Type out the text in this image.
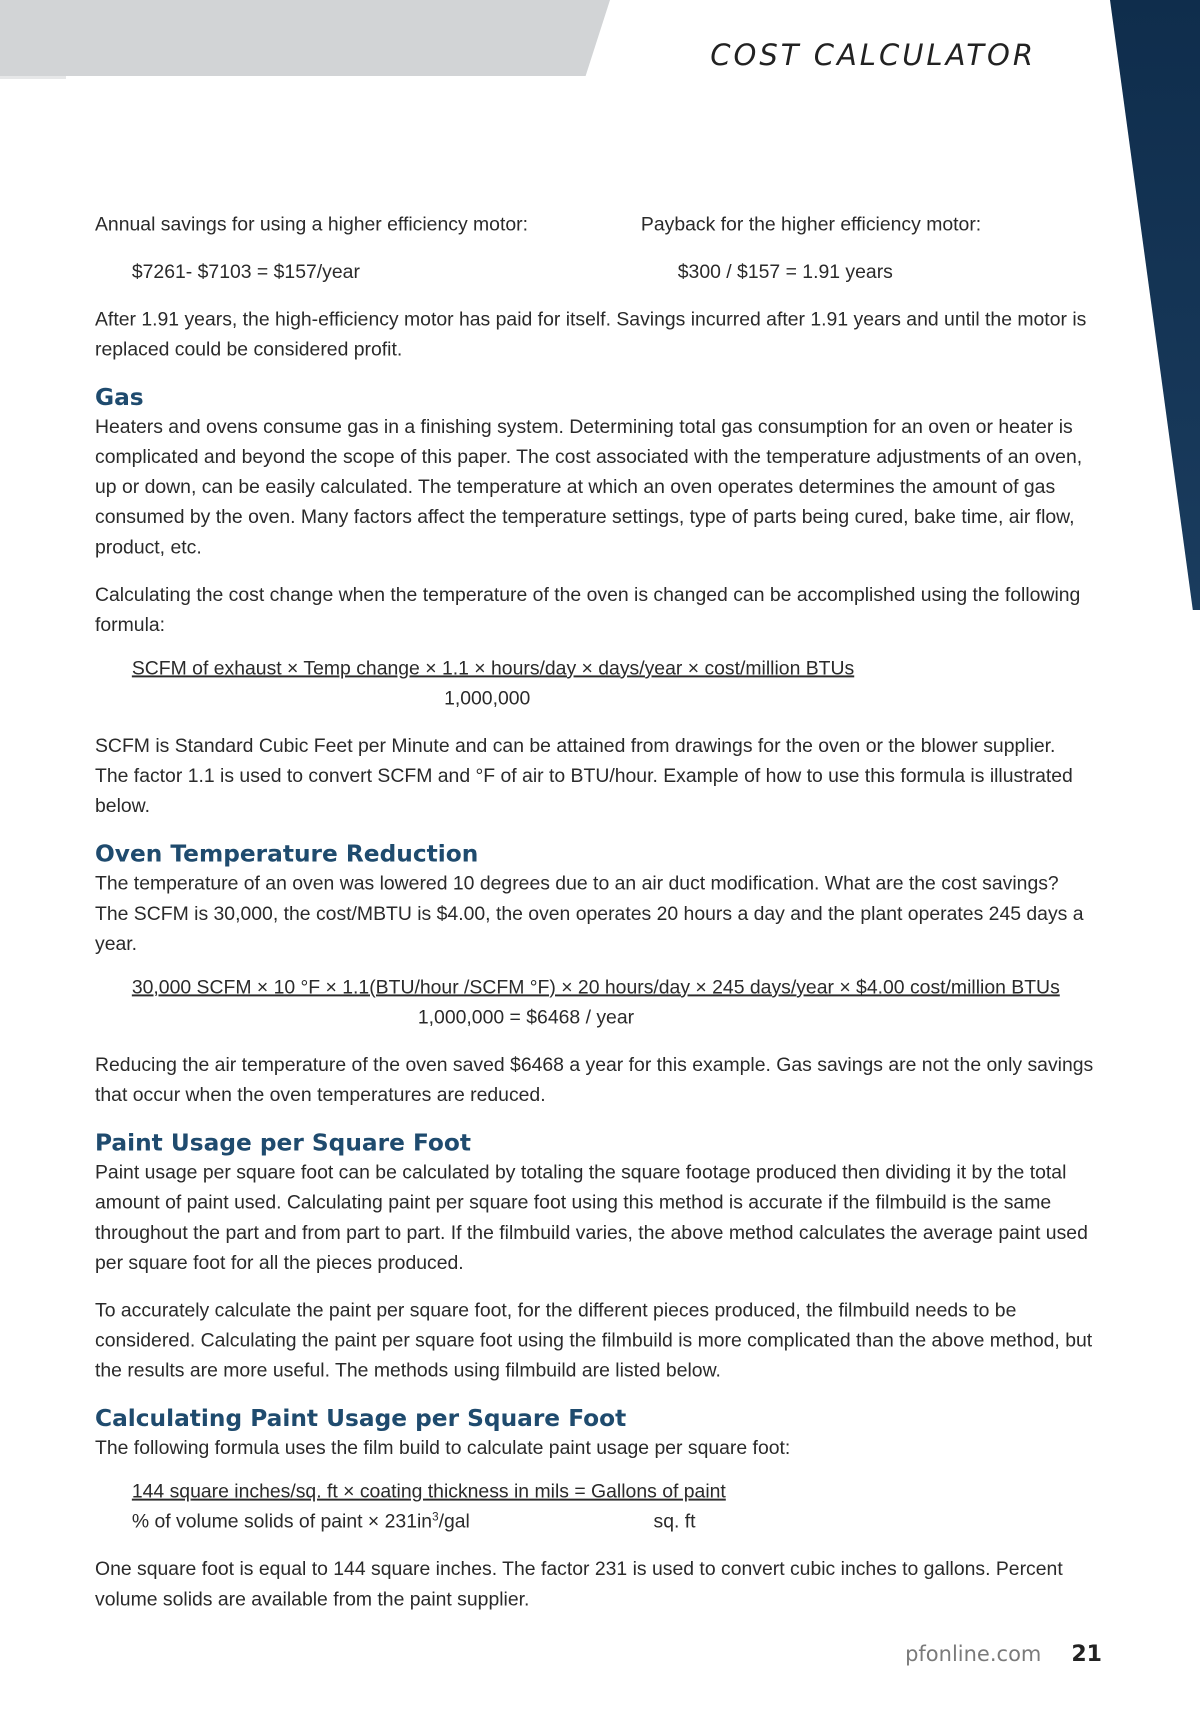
COST CALCULATOR
Annual savings for using a higher efficiency motor:	Payback for the higher efficiency motor:
$7261- $7103 = $157/year	$300 / $157 = 1.91 years

After 1.91 years, the high-efficiency motor has paid for itself. Savings incurred after 1.91 years and until the motor is replaced could be considered profit.

Gas

Heaters and ovens consume gas in a finishing system. Determining total gas consumption for an oven or heater is complicated and beyond the scope of this paper. The cost associated with the temperature adjustments of an oven, up or down, can be easily calculated. The temperature at which an oven operates determines the amount of gas consumed by the oven. Many factors affect the temperature settings, type of parts being cured, bake time, air flow, product, etc.

Calculating the cost change when the temperature of the oven is changed can be accomplished using the following formula:

SCFM of exhaust × Temp change × 1.1 × hours/day × days/year × cost/million BTUs
1,000,000

SCFM is Standard Cubic Feet per Minute and can be attained from drawings for the oven or the blower supplier. The factor 1.1 is used to convert SCFM and °F of air to BTU/hour. Example of how to use this formula is illustrated below.

Oven Temperature Reduction

The temperature of an oven was lowered 10 degrees due to an air duct modification. What are the cost savings? The SCFM is 30,000, the cost/MBTU is $4.00, the oven operates 20 hours a day and the plant operates 245 days a year.

30,000 SCFM × 10 °F × 1.1(BTU/hour /SCFM °F) × 20 hours/day × 245 days/year × $4.00 cost/million BTUs
1,000,000 = $6468 / year

Reducing the air temperature of the oven saved $6468 a year for this example. Gas savings are not the only savings that occur when the oven temperatures are reduced.

Paint Usage per Square Foot

Paint usage per square foot can be calculated by totaling the square footage produced then dividing it by the total amount of paint used. Calculating paint per square foot using this method is accurate if the filmbuild is the same throughout the part and from part to part. If the filmbuild varies, the above method calculates the average paint used per square foot for all the pieces produced.

To accurately calculate the paint per square foot, for the different pieces produced, the filmbuild needs to be considered. Calculating the paint per square foot using the filmbuild is more complicated than the above method, but the results are more useful. The methods using filmbuild are listed below.

Calculating Paint Usage per Square Foot

The following formula uses the film build to calculate paint usage per square foot:

144 square inches/sq. ft × coating thickness in mils = Gallons of paint
% of volume solids of paint × $231in^3$/gal	sq. ft

One square foot is equal to 144 square inches. The factor 231 is used to convert cubic inches to gallons. Percent volume solids are available from the paint supplier.

pfonline.com 21
